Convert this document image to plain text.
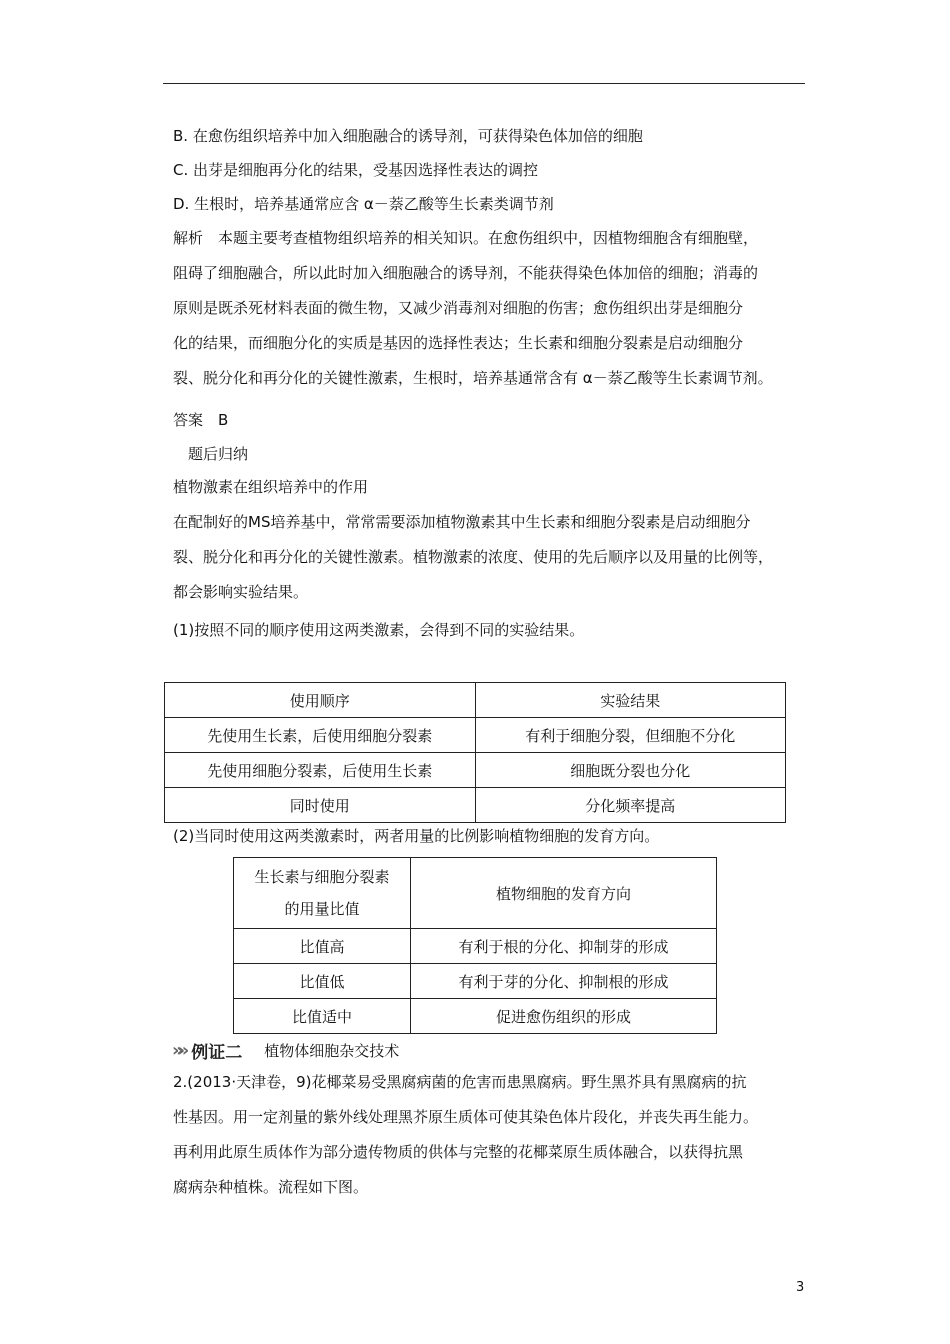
B. 在愈伤组织培养中加入细胞融合的诱导剂，可获得染色体加倍的细胞
C. 出芽是细胞再分化的结果，受基因选择性表达的调控
D. 生根时，培养基通常应含 α－萘乙酸等生长素类调节剂
解析　本题主要考查植物组织培养的相关知识。在愈伤组织中，因植物细胞含有细胞壁，
阻碍了细胞融合，所以此时加入细胞融合的诱导剂，不能获得染色体加倍的细胞；消毒的
原则是既杀死材料表面的微生物，又减少消毒剂对细胞的伤害；愈伤组织出芽是细胞分
化的结果，而细胞分化的实质是基因的选择性表达；生长素和细胞分裂素是启动细胞分
裂、脱分化和再分化的关键性激素，生根时，培养基通常含有 α－萘乙酸等生长素调节剂。
答案　B
题后归纳
植物激素在组织培养中的作用
在配制好的MS培养基中，常常需要添加植物激素其中生长素和细胞分裂素是启动细胞分
裂、脱分化和再分化的关键性激素。植物激素的浓度、使用的先后顺序以及用量的比例等，
都会影响实验结果。
(1)按照不同的顺序使用这两类激素，会得到不同的实验结果。
使用顺序	实验结果
先使用生长素，后使用细胞分裂素	有利于细胞分裂，但细胞不分化
先使用细胞分裂素，后使用生长素	细胞既分裂也分化
同时使用	分化频率提高
(2)当同时使用这两类激素时，两者用量的比例影响植物细胞的发育方向。
生长素与细胞分裂素
的用量比值	植物细胞的发育方向
比值高	有利于根的分化、抑制芽的形成
比值低	有利于芽的分化、抑制根的形成
比值适中	促进愈伤组织的形成
»» 例证二 植物体细胞杂交技术
2.(2013·天津卷，9)花椰菜易受黑腐病菌的危害而患黑腐病。野生黑芥具有黑腐病的抗
性基因。用一定剂量的紫外线处理黑芥原生质体可使其染色体片段化，并丧失再生能力。
再利用此原生质体作为部分遗传物质的供体与完整的花椰菜原生质体融合，以获得抗黑
腐病杂种植株。流程如下图。
3
